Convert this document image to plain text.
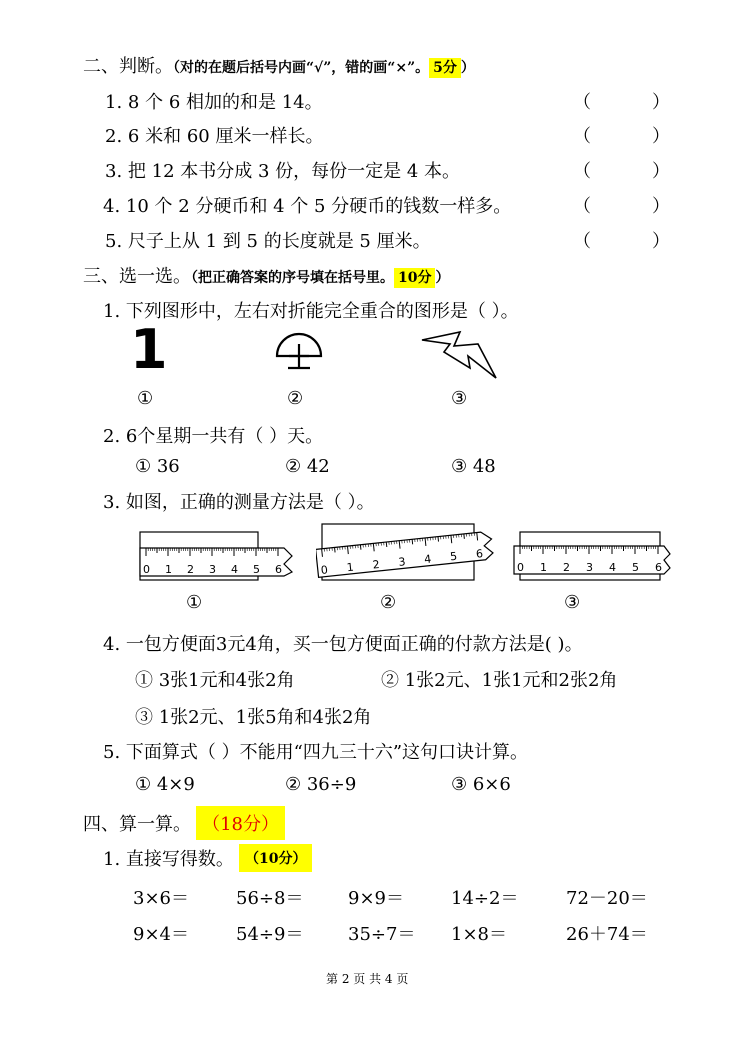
二、判断。（对的在题后括号内画“√”，错的画“×”。 5分 ）
1. 8 个 6 相加的和是 14。	（	）
2. 6 米和 60 厘米一样长。	（	）
3. 把 12 本书分成 3 份，每份一定是 4 本。	（	）
4. 10 个 2 分硬币和 4 个 5 分硬币的钱数一样多。	（	）
5. 尺子上从 1 到 5 的长度就是 5 厘米。	（	）
三、选一选。（把正确答案的序号填在括号里。 10分 ）
1. 下列图形中，左右对折能完全重合的图形是（ ）。
1
①	②	③
2. 6个星期一共有（ ）天。
① 36	② 42	③ 48
3. 如图，正确的测量方法是（ ）。
0 1 2 3 4 5 6	0 1 2 3 4 5 6
0 1 2 3 4 5 6
①	②	③
4. 一包方便面3元4角，买一包方便面正确的付款方法是( )。
① 3张1元和4张2角	② 1张2元、1张1元和2张2角
③ 1张2元、1张5角和4张2角
5. 下面算式（ ）不能用“四九三十六”这句口诀计算。
① 4×9	② 36÷9	③ 6×6
四、算一算。 （18分）
1. 直接写得数。 （10分）
3×6＝	56÷8＝ 9×9＝	14÷2＝	72－20＝
9×4＝	54÷9＝ 35÷7＝ 1×8＝	26＋74＝
第 2 页 共 4 页
